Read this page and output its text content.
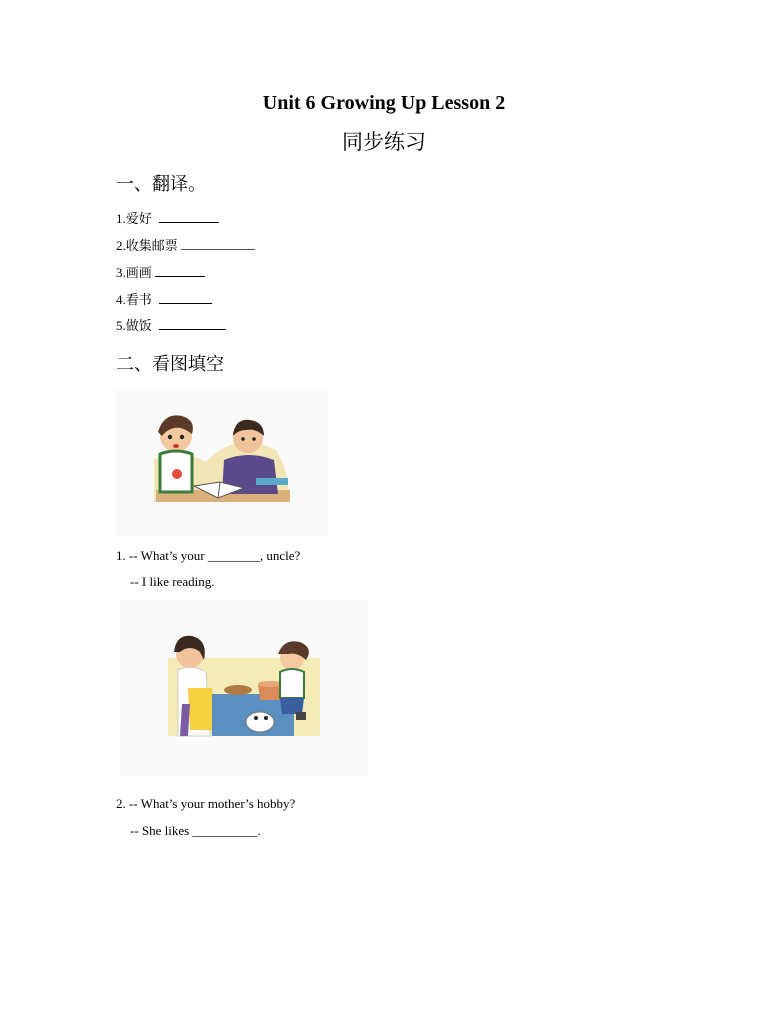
Unit 6 Growing Up Lesson 2
同步练习
一、翻译。
1.爱好
2.收集邮票
3.画画
4.看书
5.做饭
二、看图填空
1. -- What’s your ________, uncle?
-- I like reading.
2. -- What’s your mother’s hobby?
-- She likes __________.
